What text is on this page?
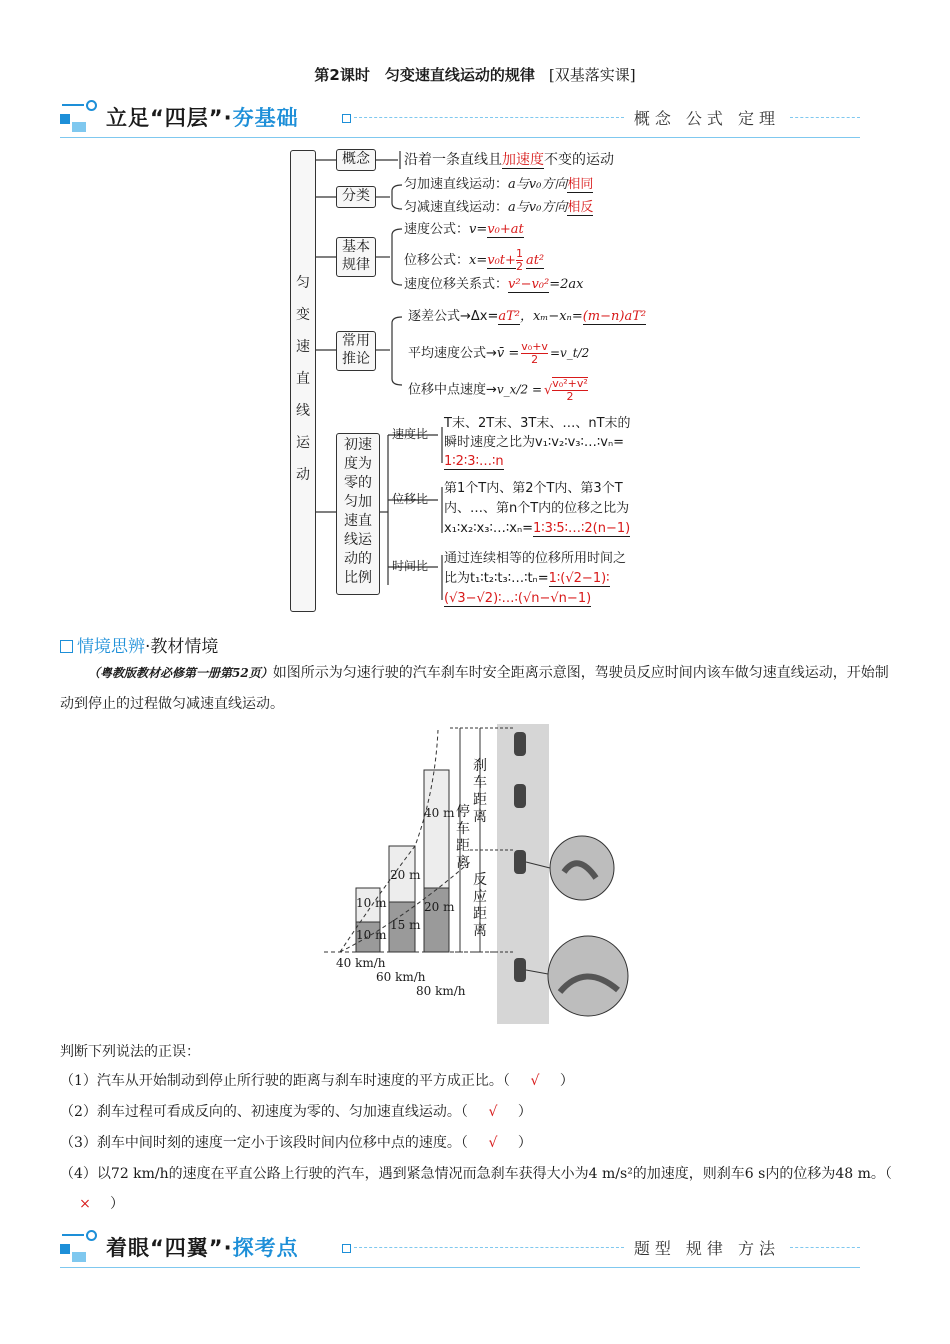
第2课时　匀变速直线运动的规律 [双基落实课]
立足“四层”·夯基础	概念 公式 定理
匀
变
速
直
线
运
动
概念	沿着一条直线且加速度不变的运动
分类
匀加速直线运动：a与v₀方向相同
匀减速直线运动：a与v₀方向相反
基本规律
速度公式：v=v₀+at
位移公式：$x=v_0t+ \frac{1}{2} at^2$
速度位移关系式：v²−v₀²=2ax
常用推论
逐差公式→Δx=aT²，xₘ−xₙ=(m−n)aT²
平均速度公式→v̄ = $\frac{\text{v₀+v}}{2}$ =v_t/2
位移中点速度→v_x/2 = √ $\frac{\text{v₀²+v²}}{2}$
初速度为零的匀加速直线运动的比例
速度比
T末、2T末、3T末、…、nT末的
瞬时速度之比为v₁∶v₂∶v₃∶…∶vₙ=
1∶2∶3∶…∶n
位移比
第1个T内、第2个T内、第3个T
内、…、第n个T内的位移之比为
x₁∶x₂∶x₃∶…∶xₙ=1∶3∶5∶…∶2(n−1)
时间比 通过连续相等的位移所用时间之
比为t₁∶t₂∶t₃∶…∶tₙ=1∶(√2−1)∶
(√3−√2)∶…∶(√n−√n−1)
情境思辨·教材情境
（粤教版教材必修第一册第52页）如图所示为匀速行驶的汽车刹车时安全距离示意图，驾驶员反应时间内该车做匀速直线运动，开始制动到停止的过程做匀减速直线运动。
10 m
10 m
20 m
15 m
40 m
20 m
停车距离
刹车距离
反应距离
40 km/h
60 km/h
80 km/h
判断下列说法的正误：
（1）汽车从开始制动到停止所行驶的距离与刹车时速度的平方成正比。（ √ ）
（2）刹车过程可看成反向的、初速度为零的、匀加速直线运动。（ √ ）
（3）刹车中间时刻的速度一定小于该段时间内位移中点的速度。（ √ ）
（4）以72 km/h的速度在平直公路上行驶的汽车，遇到紧急情况而急刹车获得大小为4 m/s²的加速度，则刹车6 s内的位移为48 m。（× ）
着眼“四翼”·探考点	题型 规律 方法
